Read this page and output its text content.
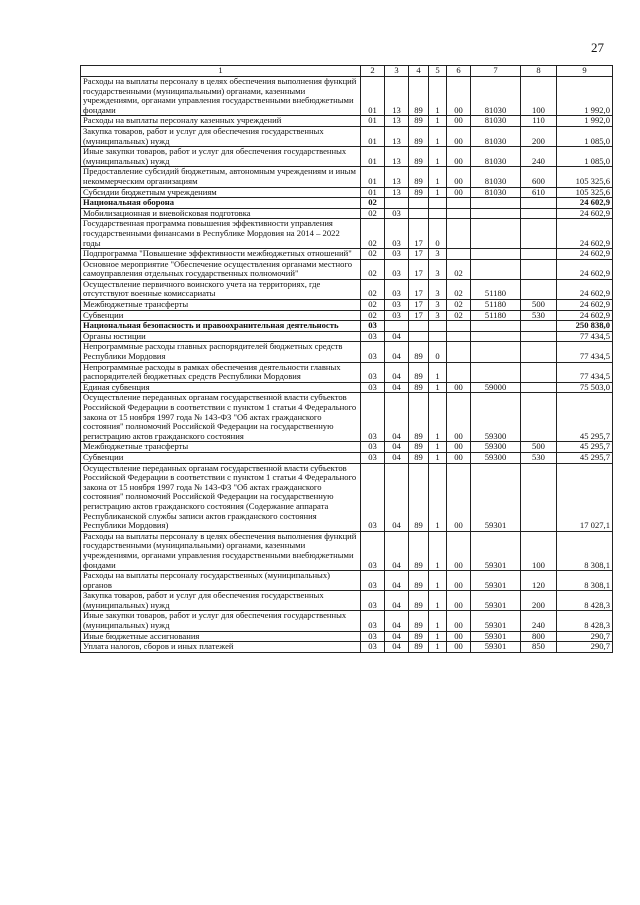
27
1	2	3	4	5	6	7	8	9
Расходы на выплаты персоналу в целях обеспечения выполнения функций государственными (муниципальными) органами, казенными учреждениями, органами управления государственными внебюджетными фондами	01	13	89	1	00	81030	100	1 992,0
Расходы на выплаты персоналу казенных учреждений	01	13	89	1	00	81030	110	1 992,0
Закупка товаров, работ и услуг для обеспечения государственных (муниципальных) нужд	01	13	89	1	00	81030	200	1 085,0
Иные закупки товаров, работ и услуг для обеспечения государственных (муниципальных) нужд	01	13	89	1	00	81030	240	1 085,0
Предоставление субсидий бюджетным, автономным учреждениям и иным некоммерческим организациям	01	13	89	1	00	81030	600	105 325,6
Субсидии бюджетным учреждениям	01	13	89	1	00	81030	610	105 325,6
Национальная оборона	02							24 602,9
Мобилизационная и вневойсковая подготовка	02	03						24 602,9
Государственная программа повышения эффективности управления государственными финансами в Республике Мордовия на 2014 – 2022 годы	02	03	17	0				24 602,9
Подпрограмма "Повышение эффективности межбюджетных отношений"	02	03	17	3				24 602,9
Основное мероприятие "Обеспечение осуществления органами местного самоуправления отдельных государственных полномочий"	02	03	17	3	02			24 602,9
Осуществление первичного воинского учета на территориях, где отсутствуют военные комиссариаты	02	03	17	3	02	51180		24 602,9
Межбюджетные трансферты	02	03	17	3	02	51180	500	24 602,9
Субвенции	02	03	17	3	02	51180	530	24 602,9
Национальная безопасность и правоохранительная деятельность	03							250 838,0
Органы юстиции	03	04						77 434,5
Непрограммные расходы главных распорядителей бюджетных средств Республики Мордовия	03	04	89	0				77 434,5
Непрограммные расходы в рамках обеспечения деятельности главных распорядителей бюджетных средств Республики Мордовия	03	04	89	1				77 434,5
Единая субвенция	03	04	89	1	00	59000		75 503,0
Осуществление переданных органам государственной власти субъектов Российской Федерации в соответствии с пунктом 1 статьи 4 Федерального закона от 15 ноября 1997 года № 143-ФЗ "Об актах гражданского состояния" полномочий Российской Федерации на государственную регистрацию актов гражданского состояния	03	04	89	1	00	59300		45 295,7
Межбюджетные трансферты	03	04	89	1	00	59300	500	45 295,7
Субвенции	03	04	89	1	00	59300	530	45 295,7
Осуществление переданных органам государственной власти субъектов Российской Федерации в соответствии с пунктом 1 статьи 4 Федерального закона от 15 ноября 1997 года № 143-ФЗ "Об актах гражданского состояния" полномочий Российской Федерации на государственную регистрацию актов гражданского состояния (Содержание аппарата Республиканской службы записи актов гражданского состояния Республики Мордовия)	03	04	89	1	00	59301		17 027,1
Расходы на выплаты персоналу в целях обеспечения выполнения функций государственными (муниципальными) органами, казенными учреждениями, органами управления государственными внебюджетными фондами	03	04	89	1	00	59301	100	8 308,1
Расходы на выплаты персоналу государственных (муниципальных) органов	03	04	89	1	00	59301	120	8 308,1
Закупка товаров, работ и услуг для обеспечения государственных (муниципальных) нужд	03	04	89	1	00	59301	200	8 428,3
Иные закупки товаров, работ и услуг для обеспечения государственных (муниципальных) нужд	03	04	89	1	00	59301	240	8 428,3
Иные бюджетные ассигнования	03	04	89	1	00	59301	800	290,7
Уплата налогов, сборов и иных платежей	03	04	89	1	00	59301	850	290,7
